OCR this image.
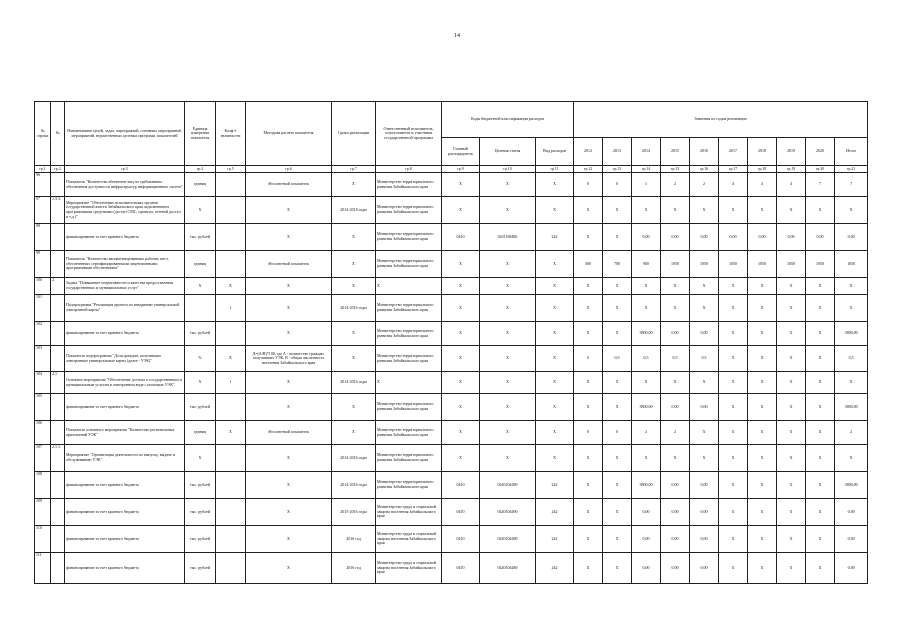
14
№ строки	№	Наименование целей, задач, мероприятий, основных мероприятий, мероприятий, ведомственных целевых программ, показателей	Единица измерения показателя	Коэф-т значимости	Методика расчета показателя	Сроки реализации	Ответственный исполнитель, соисполнители и участники государственной программы	Коды бюджетной классификации расходов			Значения по годам реализации									
								Главный распорядитель	Целевая статья	Вид расходов	2012	2013	2014	2015	2016	2017	2018	2019	2020	Итого
гр.1	гр.2	гр.3	гр.4	гр.5	гр.6	гр.7	гр.8	гр.9	гр.10	гр.11	гр.12	гр.13	гр.14	гр.15	гр.16	гр.17	гр.18	гр.19	гр.20	гр.21
96		Показатель "Количество абонентов-лиц по требованиям обеспечения доступности инфраструктур информационных систем"	единиц		Абсолютный показатель	X	Министерство территориального развития Забайкальского края	X	X	X	0	0	1	2	2	4	4	4	7	7
97	1.3.3.	Мероприятие "Обеспечение исполнительных органов государственной власти Забайкальского края подключением программными средствами (доступ СМС, проекты, сетевой доступ и т.д.)"	X		X	2014-2018 годы	Министерство территориального развития Забайкальского края	X	X	X	X	X	X	X	X	X	X	X	X	X
98		финансирование за счет краевого бюджета	тыс. рублей		X	X	Министерство территориального развития Забайкальского края	0410	0431108480	242	X	X	0,00	0,00	0,00	0,00	0,00	0,00	0,00	0,00
99		Показатель "Количество автоматизированных рабочих мест, обеспеченных сертифицированными лицензионными программными обеспечением"	единиц		Абсолютный показатель	X	Министерство территориального развития Забайкальского края	X	X	X	300	700	900	1050	1050	1050	1050	1050	1050	1050
100	2.	Задача "Повышение оперативности и качества предоставления государственных и муниципальных услуг"	X	X	X	X	X	X	X	X	X	X	X	X	X	X	X	X	X	X
101		Подпрограмма "Реализация проекта по внедрению универсальной электронной карты"		1	X	2014-2016 годы	Министерство территориального развития Забайкальского края	X	X	X	X	X	X	X	X	X	X	X	X	X
102		финансирование за счет краевого бюджета	тыс. рублей		X	X	Министерство территориального развития Забайкальского края	X	X	X	X	X	3800,00	0,00	0,00	X	X	X	X	3800,00
103		Показатель подпрограммы "Доля граждан, получивших электронные универсальные карты (далее - УЭК)"	%	X	Д=(А/В)*100, где А - количество граждан, получивших УЭК, В - общая численность населения Забайкальского края	X	Министерство территориального развития Забайкальского края	X	X	X	0	0,5	0,5	0,5	0,5	X	X	X	X	0,5
104	2.1.	Основное мероприятие "Обеспечение доступа к государственным и муниципальным услугам в электронном виде с помощью УЭК"	X	1	X	2014-2016 годы	X	X	X	X	X	X	X	X	X	X	X	X	X	X
105		финансирование за счет краевого бюджета	тыс. рублей		X	X	Министерство территориального развития Забайкальского края	X	X	X	X	X	3800,00	0,00	0,00	X	X	X	X	3800,00
106		Показатель основного мероприятия "Количество региональных приложений УЭК"	единиц	X	Абсолютный показатель	X	Министерство территориального развития Забайкальского края	X	X	X	0	0	2	2	X	X	X	X	X	2
107	2.1.1.	Мероприятие "Организация деятельности по выпуску, выдаче и обслуживанию УЭК"	X		X	2014-2016 годы	Министерство территориального развития Забайкальского края	X	X	X	X	X	X	X	X	X	X	X	X	X
108		финансирование за счет краевого бюджета	тыс. рублей		X	2014-2016 годы	Министерство территориального развития Забайкальского края	0410	0420104480	242	X	X	3800,00	0,00	0,00	X	X	X	X	3800,00
109		финансирование за счет краевого бюджета	тыс. рублей		X	2015-2016 годы	Министерство труда и социальной защиты населения Забайкальского края	0410	0420104490	242	X	X	0,00	0,00	0,00	X	X	X	X	0,00
110		финансирование за счет краевого бюджета	тыс. рублей		X	2016 год	Министерство труда и социальной защиты населения Забайкальского края	0410	0420104480	242	X	X	0,00	0,00	0,00	X	X	X	X	0,00
111		финансирование за счет краевого бюджета	тыс. рублей		X	2016 год	Министерство труда и социальной защиты населения Забайкальского края	0410	0420104480	242	X	X	0,00	0,00	0,00	X	X	X	X	0,00
